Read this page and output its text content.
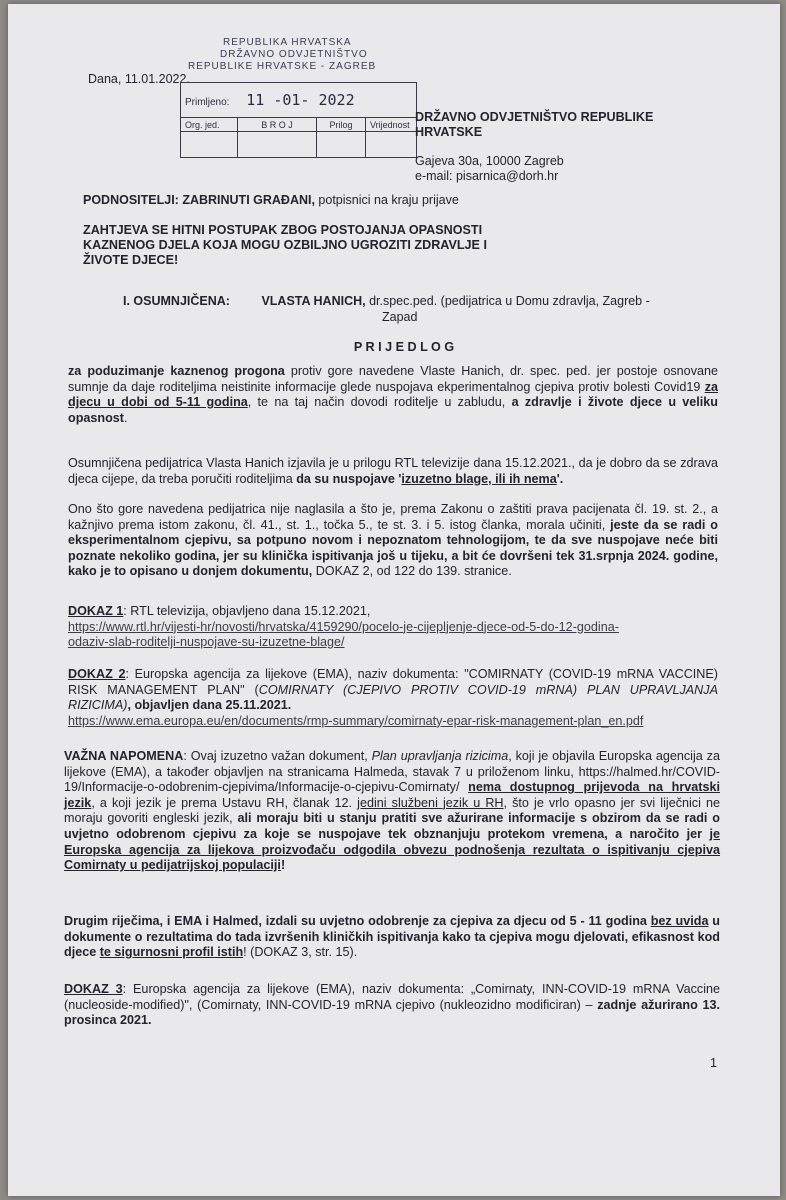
REPUBLIKA HRVATSKA
DRŽAVNO ODVJETNIŠTVO
REPUBLIKE HRVATSKE - ZAGREB
Dana, 11.01.2022.
Primljeno: 11 -01- 2022			
Org. jed.	B R O J	Prilog	Vrijednost

DRŽAVNO ODVJETNIŠTVO REPUBLIKE
HRVATSKE
Gajeva 30a, 10000 Zagreb
e-mail: pisarnica@dorh.hr
PODNOSITELJI: ZABRINUTI GRAĐANI, potpisnici na kraju prijave
ZAHTJEVA SE HITNI POSTUPAK ZBOG POSTOJANJA OPASNOSTI
KAZNENOG DJELA KOJA MOGU OZBILJNO UGROZITI ZDRAVLJE I
ŽIVOTE DJECE!
I. OSUMNJIČENA:	VLASTA HANICH, dr.spec.ped. (pedijatrica u Domu zdravlja, Zagreb -
Zapad
P R I J E D L O G
za poduzimanje kaznenog progona protiv gore navedene Vlaste Hanich, dr. spec. ped. jer postoje osnovane sumnje da daje roditeljima neistinite informacije glede nuspojava ekperimentalnog cjepiva protiv bolesti Covid19 za djecu u dobi od 5-11 godina, te na taj način dovodi roditelje u zabludu, a zdravlje i živote djece u veliku opasnost.
Osumnjičena pedijatrica Vlasta Hanich izjavila je u prilogu RTL televizije dana 15.12.2021., da je dobro da se zdrava djeca cijepe, da treba poručiti roditeljima da su nuspojave 'izuzetno blage, ili ih nema'.
Ono što gore navedena pedijatrica nije naglasila a što je, prema Zakonu o zaštiti prava pacijenata čl. 19. st. 2., a kažnjivo prema istom zakonu, čl. 41., st. 1., točka 5., te st. 3. i 5. istog članka, morala učiniti, jeste da se radi o eksperimentalnom cjepivu, sa potpuno novom i nepoznatom tehnologijom, te da sve nuspojave neće biti poznate nekoliko godina, jer su klinička ispitivanja još u tijeku, a bit će dovršeni tek 31.srpnja 2024. godine, kako je to opisano u donjem dokumentu, DOKAZ 2, od 122 do 139. stranice.
DOKAZ 1: RTL televizija, objavljeno dana 15.12.2021,
https://www.rtl.hr/vijesti-hr/novosti/hrvatska/4159290/pocelo-je-cijepljenje-djece-od-5-do-12-godina-
odaziv-slab-roditelji-nuspojave-su-izuzetne-blage/
DOKAZ 2: Europska agencija za lijekove (EMA), naziv dokumenta: "COMIRNATY (COVID-19 mRNA VACCINE) RISK MANAGEMENT PLAN" (COMIRNATY (CJEPIVO PROTIV COVID-19 mRNA) PLAN UPRAVLJANJA RIZICIMA), objavljen dana 25.11.2021.
https://www.ema.europa.eu/en/documents/rmp-summary/comirnaty-epar-risk-management-plan_en.pdf
VAŽNA NAPOMENA: Ovaj izuzetno važan dokument, Plan upravljanja rizicima, koji je objavila Europska agencija za lijekove (EMA), a također objavljen na stranicama Halmeda, stavak 7 u priloženom linku, https://halmed.hr/COVID-19/Informacije-o-odobrenim-cjepivima/Informacije-o-cjepivu-Comirnaty/ nema dostupnog prijevoda na hrvatski jezik, a koji jezik je prema Ustavu RH, članak 12. jedini službeni jezik u RH, što je vrlo opasno jer svi liječnici ne moraju govoriti engleski jezik, ali moraju biti u stanju pratiti sve ažurirane informacije s obzirom da se radi o uvjetno odobrenom cjepivu za koje se nuspojave tek obznanjuju protekom vremena, a naročito jer je Europska agencija za lijekova proizvođaču odgodila obvezu podnošenja rezultata o ispitivanju cjepiva Comirnaty u pedijatrijskoj populaciji!
Drugim riječima, i EMA i Halmed, izdali su uvjetno odobrenje za cjepiva za djecu od 5 - 11 godina bez uvida u dokumente o rezultatima do tada izvršenih kliničkih ispitivanja kako ta cjepiva mogu djelovati, efikasnost kod djece te sigurnosni profil istih! (DOKAZ 3, str. 15).
DOKAZ 3: Europska agencija za lijekove (EMA), naziv dokumenta: „Comirnaty, INN-COVID-19 mRNA Vaccine (nucleoside-modified)", (Comirnaty, INN-COVID-19 mRNA cjepivo (nukleozidno modificiran) – zadnje ažurirano 13. prosinca 2021.
1
